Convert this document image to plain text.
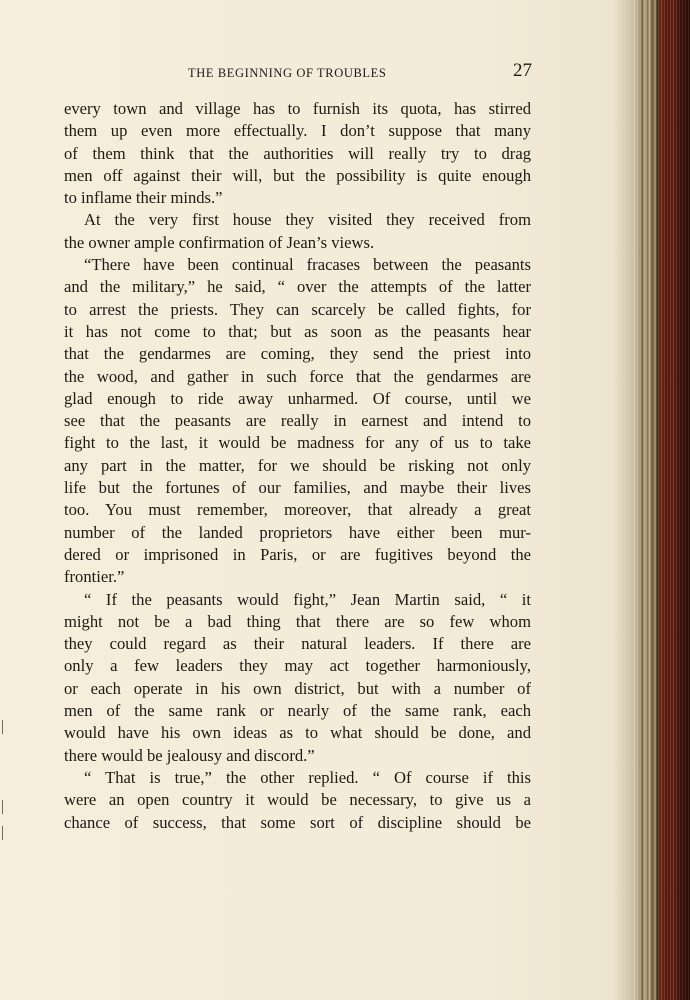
THE BEGINNING OF TROUBLES	27
every town and village has to furnish its quota, has stirred
them up even more effectually. I don’t suppose that many
of them think that the authorities will really try to drag
men off against their will, but the possibility is quite enough
to inflame their minds.”
At the very first house they visited they received from
the owner ample confirmation of Jean’s views.
“There have been continual fracases between the peasants
and the military,” he said, “ over the attempts of the latter
to arrest the priests. They can scarcely be called fights, for
it has not come to that; but as soon as the peasants hear
that the gendarmes are coming, they send the priest into
the wood, and gather in such force that the gendarmes are
glad enough to ride away unharmed. Of course, until we
see that the peasants are really in earnest and intend to
fight to the last, it would be madness for any of us to take
any part in the matter, for we should be risking not only
life but the fortunes of our families, and maybe their lives
too. You must remember, moreover, that already a great
number of the landed proprietors have either been mur-
dered or imprisoned in Paris, or are fugitives beyond the
frontier.”
“ If the peasants would fight,” Jean Martin said, “ it
might not be a bad thing that there are so few whom
they could regard as their natural leaders. If there are
only a few leaders they may act together harmoniously,
or each operate in his own district, but with a number of
men of the same rank or nearly of the same rank, each
would have his own ideas as to what should be done, and
there would be jealousy and discord.”
“ That is true,” the other replied. “ Of course if this
were an open country it would be necessary, to give us a
chance of success, that some sort of discipline should be
